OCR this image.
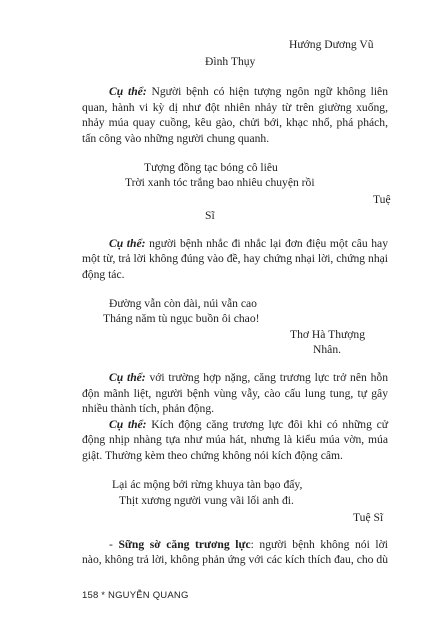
Hướng Dương Vũ
Đình Thụy
Cụ thể: Người bệnh có hiện tượng ngôn ngữ không liên
quan, hành vi kỳ dị như đột nhiên nhảy từ trên giường xuống,
nhảy múa quay cuồng, kêu gào, chửi bới, khạc nhổ, phá phách,
tấn công vào những người chung quanh.
Tượng đồng tạc bóng cô liêu
Trời xanh tóc trắng bao nhiêu chuyện rồi
Tuệ
Sĩ
Cụ thể: người bệnh nhắc đi nhắc lại đơn điệu một câu hay
một từ, trả lời không đúng vào đề, hay chứng nhại lời, chứng nhại
động tác.
Đường vẫn còn dài, núi vẫn cao
Tháng năm tù ngục buồn ôi chao!
Thơ Hà Thượng
Nhân.
Cụ thể: với trường hợp nặng, căng trương lực trở nên hỗn
độn mãnh liệt, người bệnh vùng vẫy, cào cấu lung tung, tự gây
nhiều thành tích, phản động.
Cụ thể: Kích động căng trương lực đôi khi có những cử
động nhịp nhàng tựa như múa hát, nhưng là kiểu múa vờn, múa
giật. Thường kèm theo chứng không nói kích động câm.
Lại ác mộng bởi rừng khuya tàn bạo đấy,
Thịt xương người vung vãi lối anh đi.
Tuệ Sĩ
- Sững sờ căng trương lực: người bệnh không nói lời
nào, không trả lời, không phản ứng với các kích thích đau, cho dù
158 * NGUYỄN QUANG
